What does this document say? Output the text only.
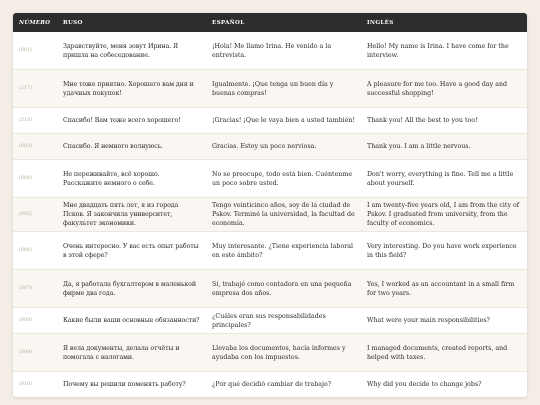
NÚMERO	RUSO	ESPAÑOL	INGLÉS
(001)	Здравствуйте, меня зовут Ирина. Я пришла на собеседование.	¡Hola! Me llamo Irina. He venido a la entrevista.	Hello! My name is Irina. I have come for the interview.
(217)	Мне тоже приятно. Хорошего вам дня и удачных покупок!	Igualmente. ¡Que tenga un buen día y buenas compras!	A pleasure for me too. Have a good day and successful shopping!
(218)	Спасибо! Вам тоже всего хорошего!	¡Gracias! ¡Que le vaya bien a usted también!	Thank you! All the best to you too!
(003)	Спасибо. Я немного волнуюсь.	Gracias. Estoy un poco nerviosa.	Thank you. I am a little nervous.
(004)	Не переживайте, всё хорошо. Расскажите немного о себе.	No se preocupe, todo está bien. Cuéntenme un poco sobre usted.	Don't worry, everything is fine. Tell me a little about yourself.
(005)	Мне двадцать пять лет, я из города Псков. Я закончила университет, факультет экономики.	Tengo veinticinco años, soy de la ciudad de Pskov. Terminé la universidad, la facultad de economía.	I am twenty-five years old, I am from the city of Pskov. I graduated from university, from the faculty of economics.
(006)	Очень интересно. У вас есть опыт работы в этой сфере?	Muy interesante. ¿Tiene experiencia laboral en este ámbito?	Very interesting. Do you have work experience in this field?
(007)	Да, я работала бухгалтером в маленькой фирме два года.	Sí, trabajé como contadora en una pequeña empresa dos años.	Yes, I worked as an accountant in a small firm for two years.
(008)	Какие были ваши основные обязанности?	¿Cuáles eran sus responsabilidades principales?	What were your main responsibilities?
(009)	Я вела документы, делала отчёты и помогала с налогами.	Llevaba los documentos, hacía informes y ayudaba con los impuestos.	I managed documents, created reports, and helped with taxes.
(010)	Почему вы решили поменять работу?	¿Por qué decidió cambiar de trabajo?	Why did you decide to change jobs?
